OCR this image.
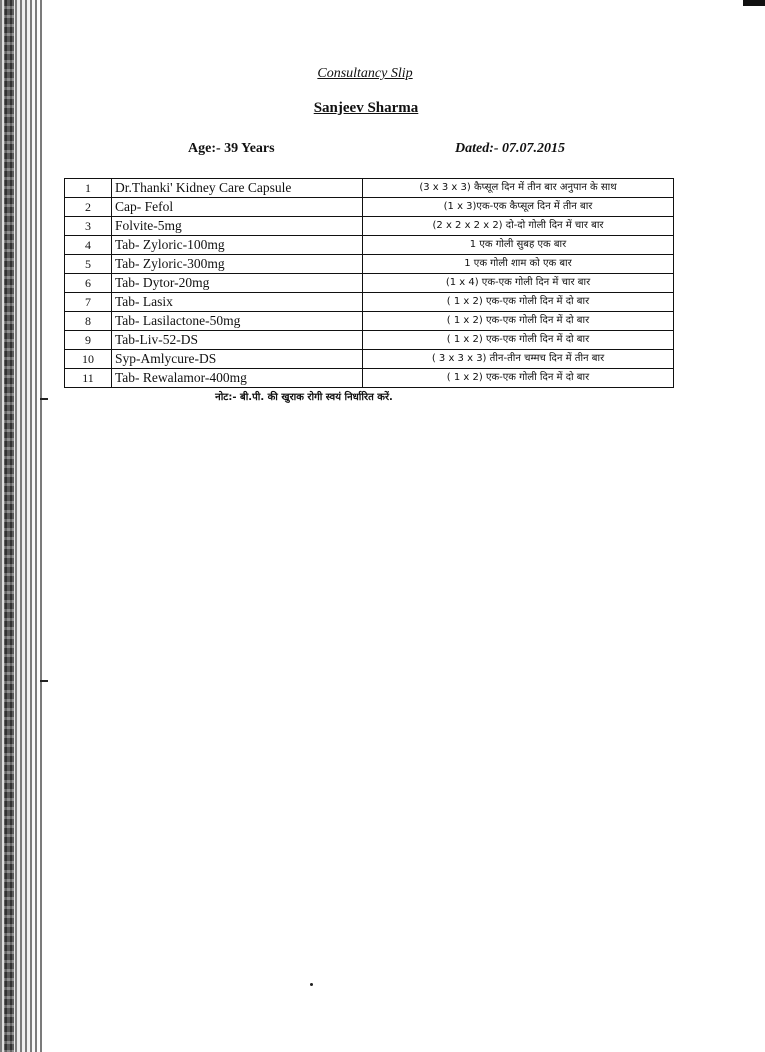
Consultancy Slip
Sanjeev Sharma
Age:- 39 Years	Dated:- 07.07.2015
1	Dr.Thanki' Kidney Care Capsule	(3 x 3 x 3) कैप्सूल दिन में तीन बार अनुपान के साथ
2	Cap- Fefol	(1 x 3)एक-एक कैप्सूल दिन में तीन बार
3	Folvite-5mg	(2 x 2 x 2 x 2) दो-दो गोली दिन में चार बार
4	Tab- Zyloric-100mg	1 एक गोली सुबह एक बार
5	Tab- Zyloric-300mg	1 एक गोली शाम को एक बार
6	Tab- Dytor-20mg	(1 x 4) एक-एक गोली दिन में चार बार
7	Tab- Lasix	( 1 x 2) एक-एक गोली दिन में दो बार
8	Tab- Lasilactone-50mg	( 1 x 2) एक-एक गोली दिन में दो बार
9	Tab-Liv-52-DS	( 1 x 2) एक-एक गोली दिन में दो बार
10	Syp-Amlycure-DS	( 3 x 3 x 3) तीन-तीन चम्मच दिन में तीन बार
11	Tab- Rewalamor-400mg	( 1 x 2) एक-एक गोली दिन में दो बार
नोट:- बी.पी. की खुराक रोगी स्वयं निर्धारित करें.
